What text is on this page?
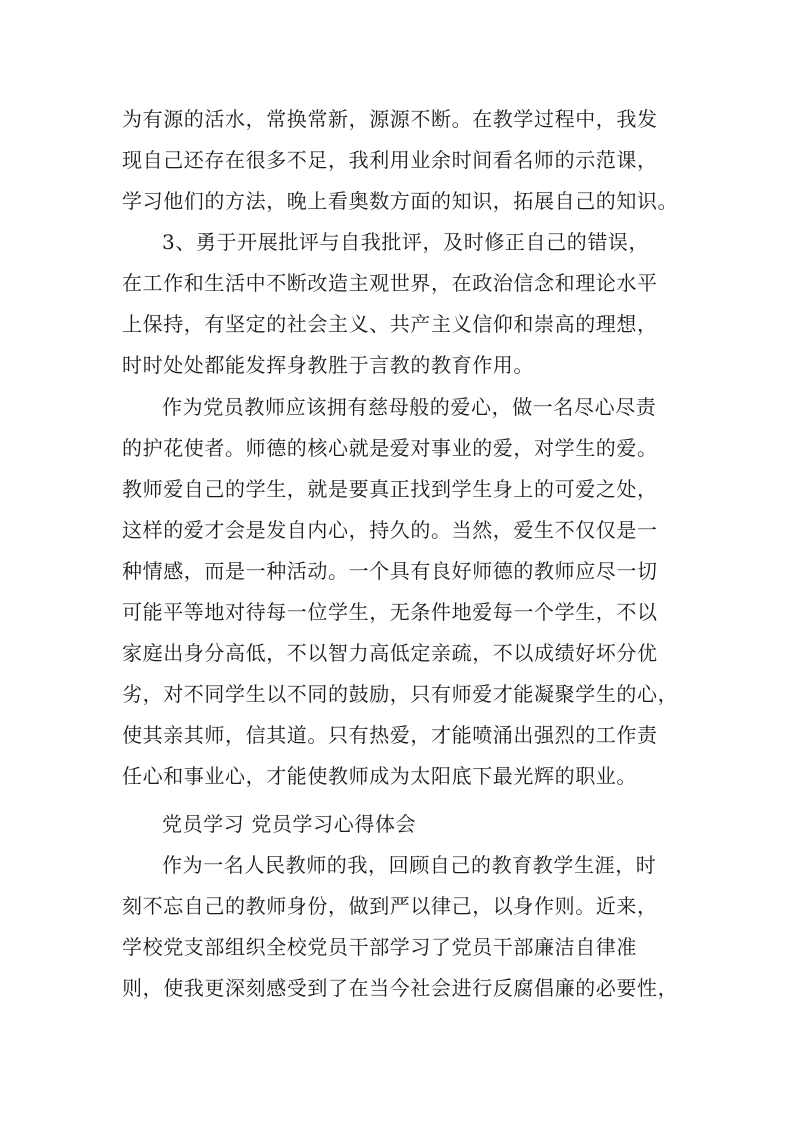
为有源的活水，常换常新，源源不断。在教学过程中，我发
现自己还存在很多不足，我利用业余时间看名师的示范课，
学习他们的方法，晚上看奥数方面的知识，拓展自己的知识。
3、勇于开展批评与自我批评，及时修正自己的错误，
在工作和生活中不断改造主观世界，在政治信念和理论水平
上保持，有坚定的社会主义、共产主义信仰和崇高的理想，
时时处处都能发挥身教胜于言教的教育作用。
作为党员教师应该拥有慈母般的爱心，做一名尽心尽责
的护花使者。师德的核心就是爱对事业的爱，对学生的爱。
教师爱自己的学生，就是要真正找到学生身上的可爱之处，
这样的爱才会是发自内心，持久的。当然，爱生不仅仅是一
种情感，而是一种活动。一个具有良好师德的教师应尽一切
可能平等地对待每一位学生，无条件地爱每一个学生，不以
家庭出身分高低，不以智力高低定亲疏，不以成绩好坏分优
劣，对不同学生以不同的鼓励，只有师爱才能凝聚学生的心，
使其亲其师，信其道。只有热爱，才能喷涌出强烈的工作责
任心和事业心，才能使教师成为太阳底下最光辉的职业。
党员学习 党员学习心得体会
作为一名人民教师的我，回顾自己的教育教学生涯，时
刻不忘自己的教师身份，做到严以律己，以身作则。近来，
学校党支部组织全校党员干部学习了党员干部廉洁自律准
则，使我更深刻感受到了在当今社会进行反腐倡廉的必要性，
